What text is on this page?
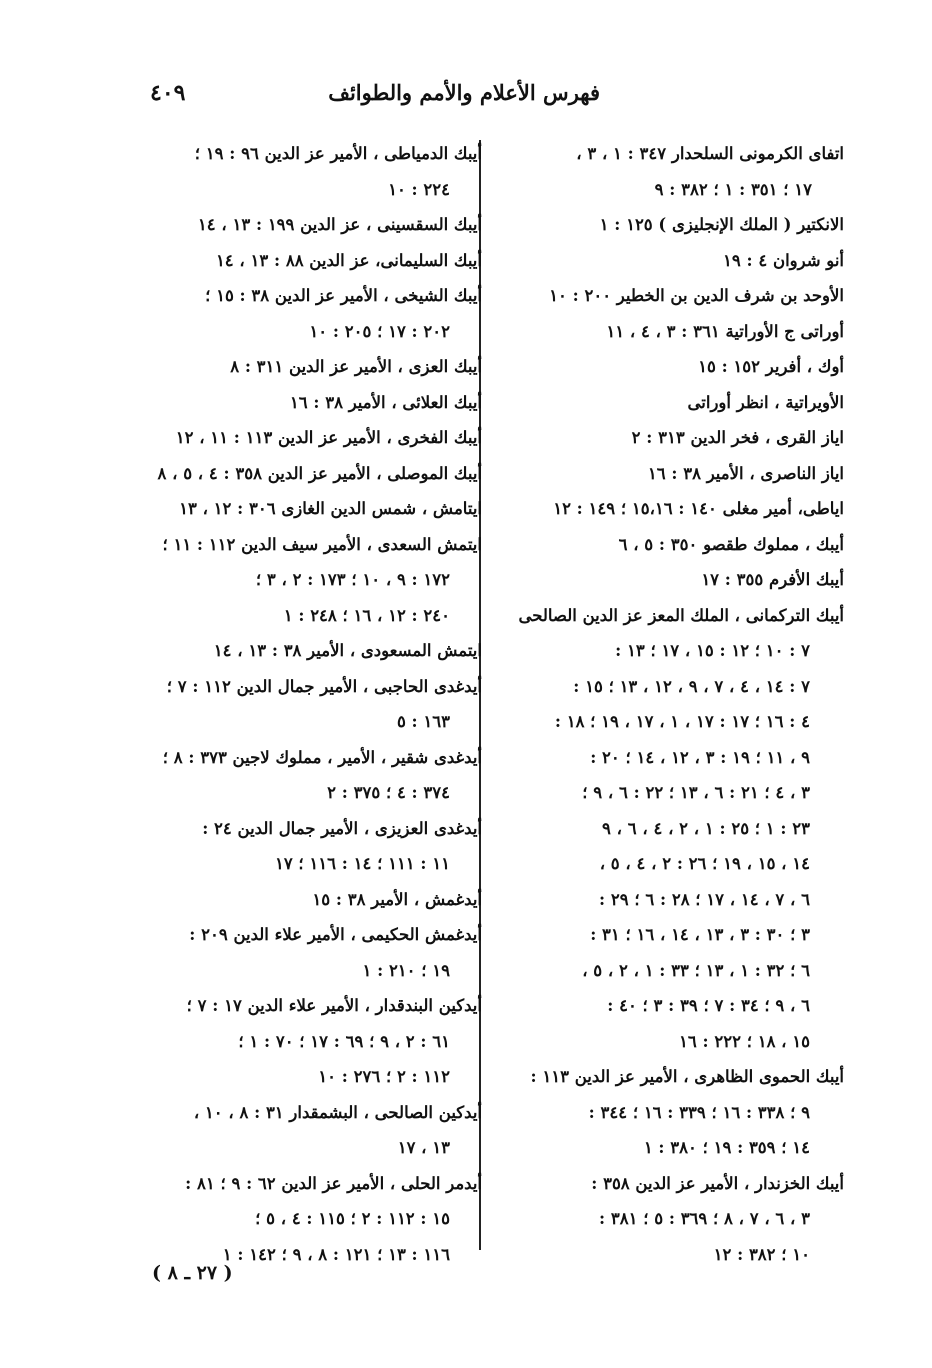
فهرس الأعلام والأمم والطوائف
٤٠٩
اتفاى الكرمونى السلحدار ٣٤٧ : ١ ، ٣ ،
١٧ ؛ ٣٥١ : ١ ؛ ٣٨٢ : ٩
الانكتير ( الملك الإنجليزى ) ١٢٥ : ١
أنو شروان ٤ : ١٩
الأوحد بن شرف الدين بن الخطير ٢٠٠ : ١٠
أوراتى ج الأوراتية ٣٦١ : ٣ ، ٤ ، ١١
أوك ، أفرير ١٥٢ : ١٥
الأويراتية ، انظر أوراتى
اياز القرى ، فخر الدين ٣١٣ : ٢
اياز الناصرى ، الأمير ٣٨ : ١٦
اياطى، أمير مغلى ١٤٠ : ١٥،١٦ ؛ ١٤٩ : ١٢
أيبك ، مملوك طقصو ٣٥٠ : ٥ ، ٦
أيبك الأفرم ٣٥٥ : ١٧
أيبك التركمانى ، الملك المعز عز الدين الصالحى
٧ : ١٠ ؛ ١٢ : ١٥ ، ١٧ ؛ ١٣ :
٧ : ١٤ ، ٤ ، ٧ ، ٩ ، ١٢ ، ١٣ ؛ ١٥ :
٤ : ١٦ ؛ ١٧ : ١٧ ، ١ ، ١٧ ، ١٩ ؛ ١٨ :
٩ ، ١١ ؛ ١٩ : ٣ ، ١٢ ، ١٤ ؛ ٢٠ :
٣ ، ٤ ؛ ٢١ : ٦ ، ١٣ ؛ ٢٢ : ٦ ، ٩ ؛
٢٣ : ١ ؛ ٢٥ : ١ ، ٢ ، ٤ ، ٦ ، ٩
١٤ ، ١٥ ، ١٩ ؛ ٢٦ : ٢ ، ٤ ، ٥ ،
٦ ، ٧ ، ١٤ ، ١٧ ؛ ٢٨ : ٦ ؛ ٢٩ :
٣ ؛ ٣٠ : ٣ ، ١٣ ، ١٤ ، ١٦ ؛ ٣١ :
٦ ؛ ٣٢ : ١ ، ١٣ ؛ ٣٣ : ١ ، ٢ ، ٥ ،
٦ ، ٩ ؛ ٣٤ : ٧ ؛ ٣٩ : ٣ ؛ ٤٠ :
١٥ ، ١٨ ؛ ٢٢٢ : ١٦
أيبك الحموى الظاهرى ، الأمير عز الدين ١١٣ :
٩ ؛ ٣٣٨ : ١٦ ؛ ٣٣٩ : ١٦ ؛ ٣٤٤ :
١٤ ؛ ٣٥٩ : ١٩ ؛ ٣٨٠ : ١
أيبك الخزندار ، الأمير عز الدين ٣٥٨ :
٣ ، ٦ ، ٧ ، ٨ ؛ ٣٦٩ : ٥ ؛ ٣٨١ :
١٠ ؛ ٣٨٢ : ١٢
أيبك الدمياطى ، الأمير عز الدين ٩٦ : ١٩ ؛
٢٢٤ : ١٠
أيبك السقسينى ، عز الدين ١٩٩ : ١٣ ، ١٤
أيبك السليمانى، عز الدين ٨٨ : ١٣ ، ١٤
أيبك الشيخى ، الأمير عز الدين ٣٨ : ١٥ ؛
٢٠٢ : ١٧ ؛ ٢٠٥ : ١٠
أيبك العزى ، الأمير عز الدين ٣١١ : ٨
أيبك العلائى ، الأمير ٣٨ : ١٦
أيبك الفخرى ، الأمير عز الدين ١١٣ : ١١ ، ١٢
أيبك الموصلى ، الأمير عز الدين ٣٥٨ : ٤ ، ٥ ، ٨
ايتامش ، شمس الدين الغازى ٣٠٦ : ١٢ ، ١٣
ايتمش السعدى ، الأمير سيف الدين ١١٢ : ١١ ؛
١٧٢ : ٩ ، ١٠ ؛ ١٧٣ : ٢ ، ٣ ؛
٢٤٠ : ١٢ ، ١٦ ؛ ٢٤٨ : ١
ايتمش المسعودى ، الأمير ٣٨ : ١٣ ، ١٤
أيدغدى الحاجبى ، الأمير جمال الدين ١١٢ : ٧ ؛
١٦٣ : ٥
أيدغدى شقير ، الأمير ، مملوك لاجين ٣٧٣ : ٨ ؛
٣٧٤ : ٤ ؛ ٣٧٥ : ٢
أيدغدى العزيزى ، الأمير جمال الدين ٢٤ :
١١ : ١١١ ؛ ١٤ : ١١٦ ؛ ١٧
أيدغمش ، الأمير ٣٨ : ١٥
أيدغمش الحكيمى ، الأمير علاء الدين ٢٠٩ :
١٩ ؛ ٢١٠ : ١
أيدكين البندقدار ، الأمير علاء الدين ١٧ : ٧ ؛
٦١ : ٢ ، ٩ ؛ ٦٩ : ١٧ ؛ ٧٠ : ١ ؛
١١٢ : ٢ ؛ ٢٧٦ : ١٠
أيدكين الصالحى ، البشمقدار ٣١ : ٨ ، ١٠ ،
١٣ ، ١٧
أيدمر الحلى ، الأمير عز الدين ٦٢ : ٩ ؛ ٨١ :
١٥ : ١١٢ : ٢ ؛ ١١٥ : ٤ ، ٥ ؛
١١٦ : ١٣ ؛ ١٢١ : ٨ ، ٩ ؛ ١٤٢ : ١
( ٢٧ ـ ٨ )
